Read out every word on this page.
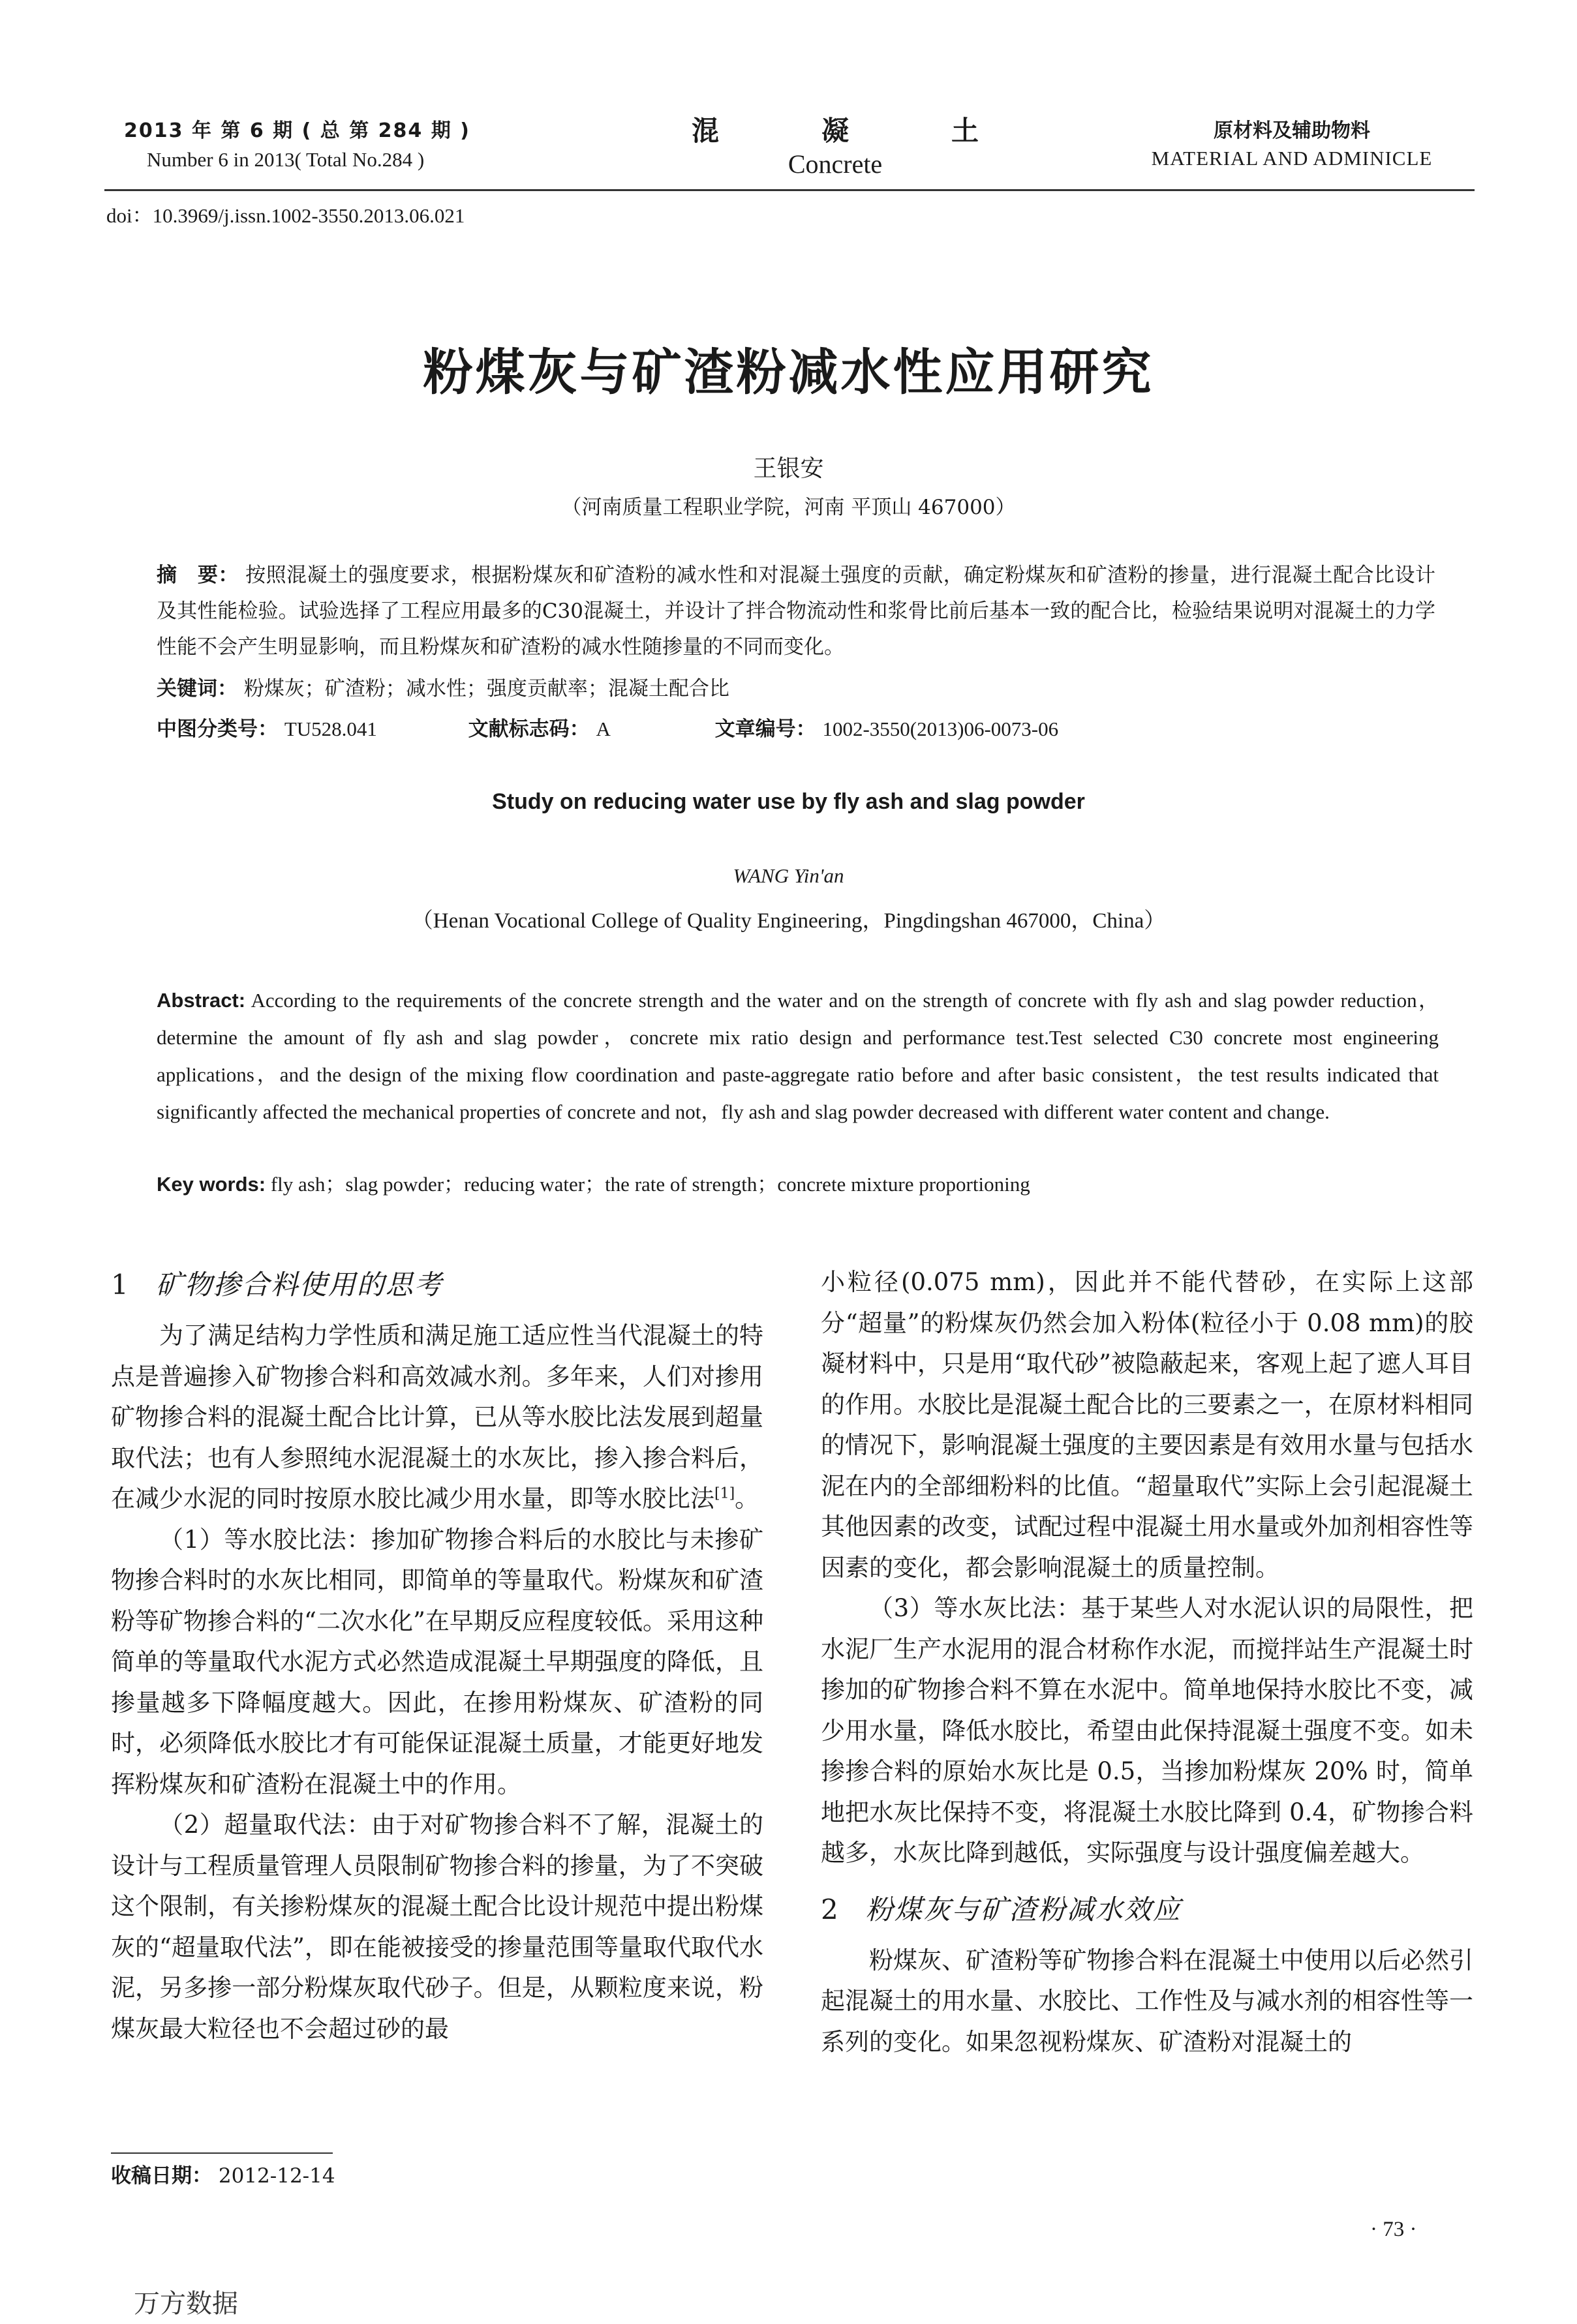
2013 年 第 6 期 ( 总 第 284 期 )
Number 6 in 2013( Total No.284 )
混	凝	土
Concrete
原材料及辅助物料
MATERIAL AND ADMINICLE
doi：10.3969/j.issn.1002-3550.2013.06.021
粉煤灰与矿渣粉减水性应用研究
王银安
（河南质量工程职业学院，河南 平顶山 467000）
摘　要： 按照混凝土的强度要求，根据粉煤灰和矿渣粉的减水性和对混凝土强度的贡献，确定粉煤灰和矿渣粉的掺量，进行混凝土配合比设计及其性能检验。试验选择了工程应用最多的C30混凝土，并设计了拌合物流动性和浆骨比前后基本一致的配合比，检验结果说明对混凝土的力学性能不会产生明显影响，而且粉煤灰和矿渣粉的减水性随掺量的不同而变化。
关键词： 粉煤灰；矿渣粉；减水性；强度贡献率；混凝土配合比
中图分类号： TU528.041	文献标志码： A	文章编号： 1002-3550(2013)06-0073-06
Study on reducing water use by fly ash and slag powder
WANG Yin'an
（Henan Vocational College of Quality Engineering，Pingdingshan 467000，China）
Abstract: According to the requirements of the concrete strength and the water and on the strength of concrete with fly ash and slag powder reduction，determine the amount of fly ash and slag powder，concrete mix ratio design and performance test.Test selected C30 concrete most engineering applications，and the design of the mixing flow coordination and paste-aggregate ratio before and after basic consistent，the test results indicated that significantly affected the mechanical properties of concrete and not，fly ash and slag powder decreased with different water content and change.
Key words: fly ash；slag powder；reducing water；the rate of strength；concrete mixture proportioning
1 矿物掺合料使用的思考

为了满足结构力学性质和满足施工适应性当代混凝土的特点是普遍掺入矿物掺合料和高效减水剂。多年来，人们对掺用矿物掺合料的混凝土配合比计算，已从等水胶比法发展到超量取代法；也有人参照纯水泥混凝土的水灰比，掺入掺合料后，在减少水泥的同时按原水胶比减少用水量，即等水胶比法[1]。

（1）等水胶比法：掺加矿物掺合料后的水胶比与未掺矿物掺合料时的水灰比相同，即简单的等量取代。粉煤灰和矿渣粉等矿物掺合料的“二次水化”在早期反应程度较低。采用这种简单的等量取代水泥方式必然造成混凝土早期强度的降低，且掺量越多下降幅度越大。因此，在掺用粉煤灰、矿渣粉的同时，必须降低水胶比才有可能保证混凝土质量，才能更好地发挥粉煤灰和矿渣粉在混凝土中的作用。

（2）超量取代法：由于对矿物掺合料不了解，混凝土的设计与工程质量管理人员限制矿物掺合料的掺量，为了不突破这个限制，有关掺粉煤灰的混凝土配合比设计规范中提出粉煤灰的“超量取代法”，即在能被接受的掺量范围等量取代取代水泥，另多掺一部分粉煤灰取代砂子。但是，从颗粒度来说，粉煤灰最大粒径也不会超过砂的最

小粒径(0.075 mm)，因此并不能代替砂，在实际上这部分“超量”的粉煤灰仍然会加入粉体(粒径小于 0.08 mm)的胶凝材料中，只是用“取代砂”被隐蔽起来，客观上起了遮人耳目的作用。水胶比是混凝土配合比的三要素之一，在原材料相同的情况下，影响混凝土强度的主要因素是有效用水量与包括水泥在内的全部细粉料的比值。“超量取代”实际上会引起混凝土其他因素的改变，试配过程中混凝土用水量或外加剂相容性等因素的变化，都会影响混凝土的质量控制。

（3）等水灰比法：基于某些人对水泥认识的局限性，把水泥厂生产水泥用的混合材称作水泥，而搅拌站生产混凝土时掺加的矿物掺合料不算在水泥中。简单地保持水胶比不变，减少用水量，降低水胶比，希望由此保持混凝土强度不变。如未掺掺合料的原始水灰比是 0.5，当掺加粉煤灰 20% 时，简单地把水灰比保持不变，将混凝土水胶比降到 0.4，矿物掺合料越多，水灰比降到越低，实际强度与设计强度偏差越大。

2 粉煤灰与矿渣粉减水效应

粉煤灰、矿渣粉等矿物掺合料在混凝土中使用以后必然引起混凝土的用水量、水胶比、工作性及与减水剂的相容性等一系列的变化。如果忽视粉煤灰、矿渣粉对混凝土的

收稿日期： 2012-12-14
· 73 ·
万方数据
